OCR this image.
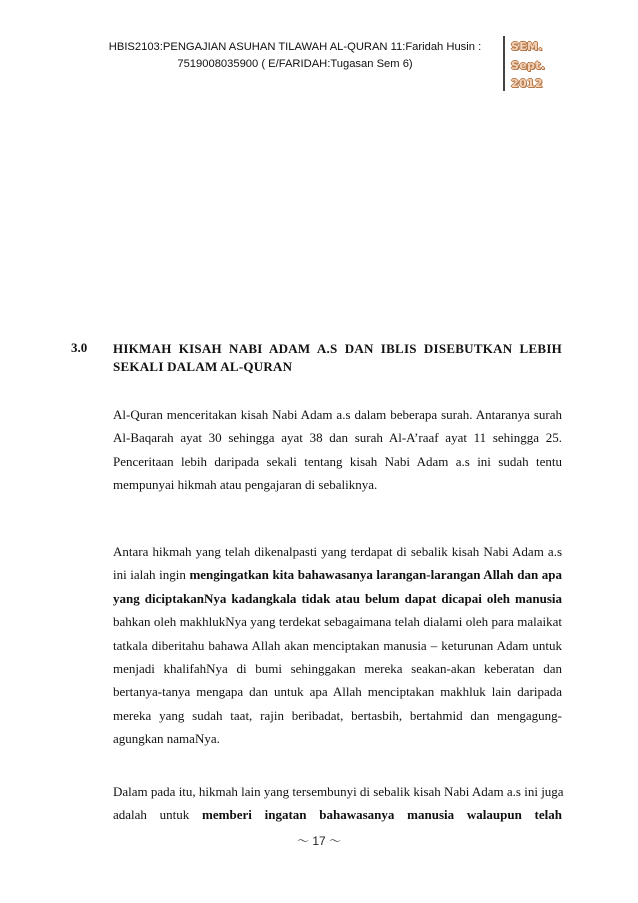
HBIS2103:PENGAJIAN ASUHAN TILAWAH AL-QURAN 11:Faridah Husin :
7519008035900 ( E/FARIDAH:Tugasan Sem 6)
SEM.
Sept.
2012
3.0 HIKMAH KISAH NABI ADAM A.S DAN IBLIS DISEBUTKAN LEBIH
SEKALI DALAM AL-QURAN
Al-Quran menceritakan kisah Nabi Adam a.s dalam beberapa surah. Antaranya surah
Al-Baqarah ayat 30 sehingga ayat 38 dan surah Al-A’raaf ayat 11 sehingga 25.
Penceritaan lebih daripada sekali tentang kisah Nabi Adam a.s ini sudah tentu
mempunyai hikmah atau pengajaran di sebaliknya.
Antara hikmah yang telah dikenalpasti yang terdapat di sebalik kisah Nabi Adam a.s
ini ialah ingin mengingatkan kita bahawasanya larangan-larangan Allah dan apa
yang diciptakanNya kadangkala tidak atau belum dapat dicapai oleh manusia
bahkan oleh makhlukNya yang terdekat sebagaimana telah dialami oleh para malaikat
tatkala diberitahu bahawa Allah akan menciptakan manusia – keturunan Adam untuk
menjadi khalifahNya di bumi sehinggakan mereka seakan-akan keberatan dan
bertanya-tanya mengapa dan untuk apa Allah menciptakan makhluk lain daripada
mereka yang sudah taat, rajin beribadat, bertasbih, bertahmid dan mengagung-
agungkan namaNya.
Dalam pada itu, hikmah lain yang tersembunyi di sebalik kisah Nabi Adam a.s ini juga
adalah untuk memberi ingatan bahawasanya manusia walaupun telah
～ 17 ～
